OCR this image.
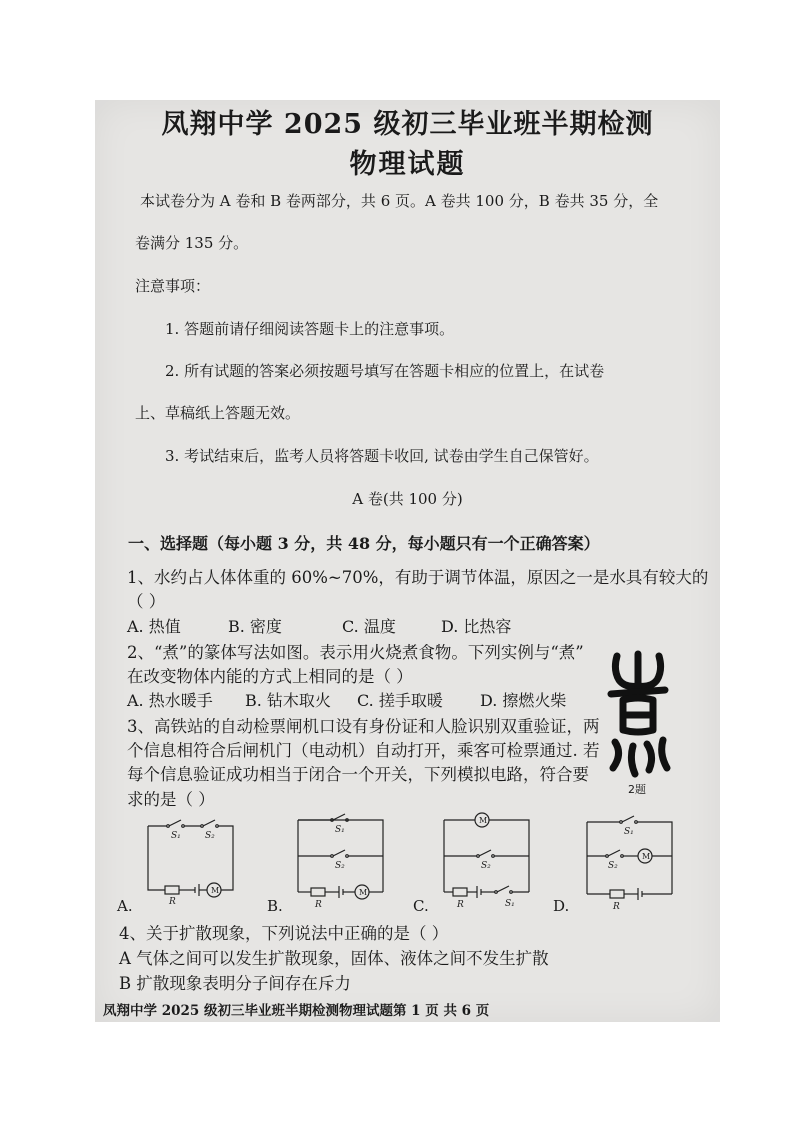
凤翔中学 2025 级初三毕业班半期检测
物理试题
本试卷分为 A 卷和 B 卷两部分，共 6 页。A 卷共 100 分，B 卷共 35 分，全
卷满分 135 分。
注意事项：
1. 答题前请仔细阅读答题卡上的注意事项。
2. 所有试题的答案必须按题号填写在答题卡相应的位置上，在试卷
上、草稿纸上答题无效。
3. 考试结束后，监考人员将答题卡收回, 试卷由学生自己保管好。
A 卷(共 100 分)
一、选择题（每小题 3 分，共 48 分，每小题只有一个正确答案）
1、水约占人体体重的 60%~70%，有助于调节体温，原因之一是水具有较大的
（ ）
A. 热值	B. 密度	C. 温度	D. 比热容
2、“煮”的篆体写法如图。表示用火烧煮食物。下列实例与“煮”
在改变物体内能的方式上相同的是（ ）
A. 热水暖手 B. 钻木取火 C. 搓手取暖 D. 擦燃火柴
2题
3、高铁站的自动检票闸机口设有身份证和人脸识别双重验证，两
个信息相符合后闸机门（电动机）自动打开，乘客可检票通过. 若
每个信息验证成功相当于闭合一个开关，下列模拟电路，符合要
求的是（ ）
S₁	S₂
R
M
A.
S₁
S₂
R
M
B.
M
S₂
R	S₁
C.
S₁
S₂
R
M
D.
4、关于扩散现象，下列说法中正确的是（ ）
A 气体之间可以发生扩散现象，固体、液体之间不发生扩散
B 扩散现象表明分子间存在斥力
凤翔中学 2025 级初三毕业班半期检测物理试题第 1 页 共 6 页
